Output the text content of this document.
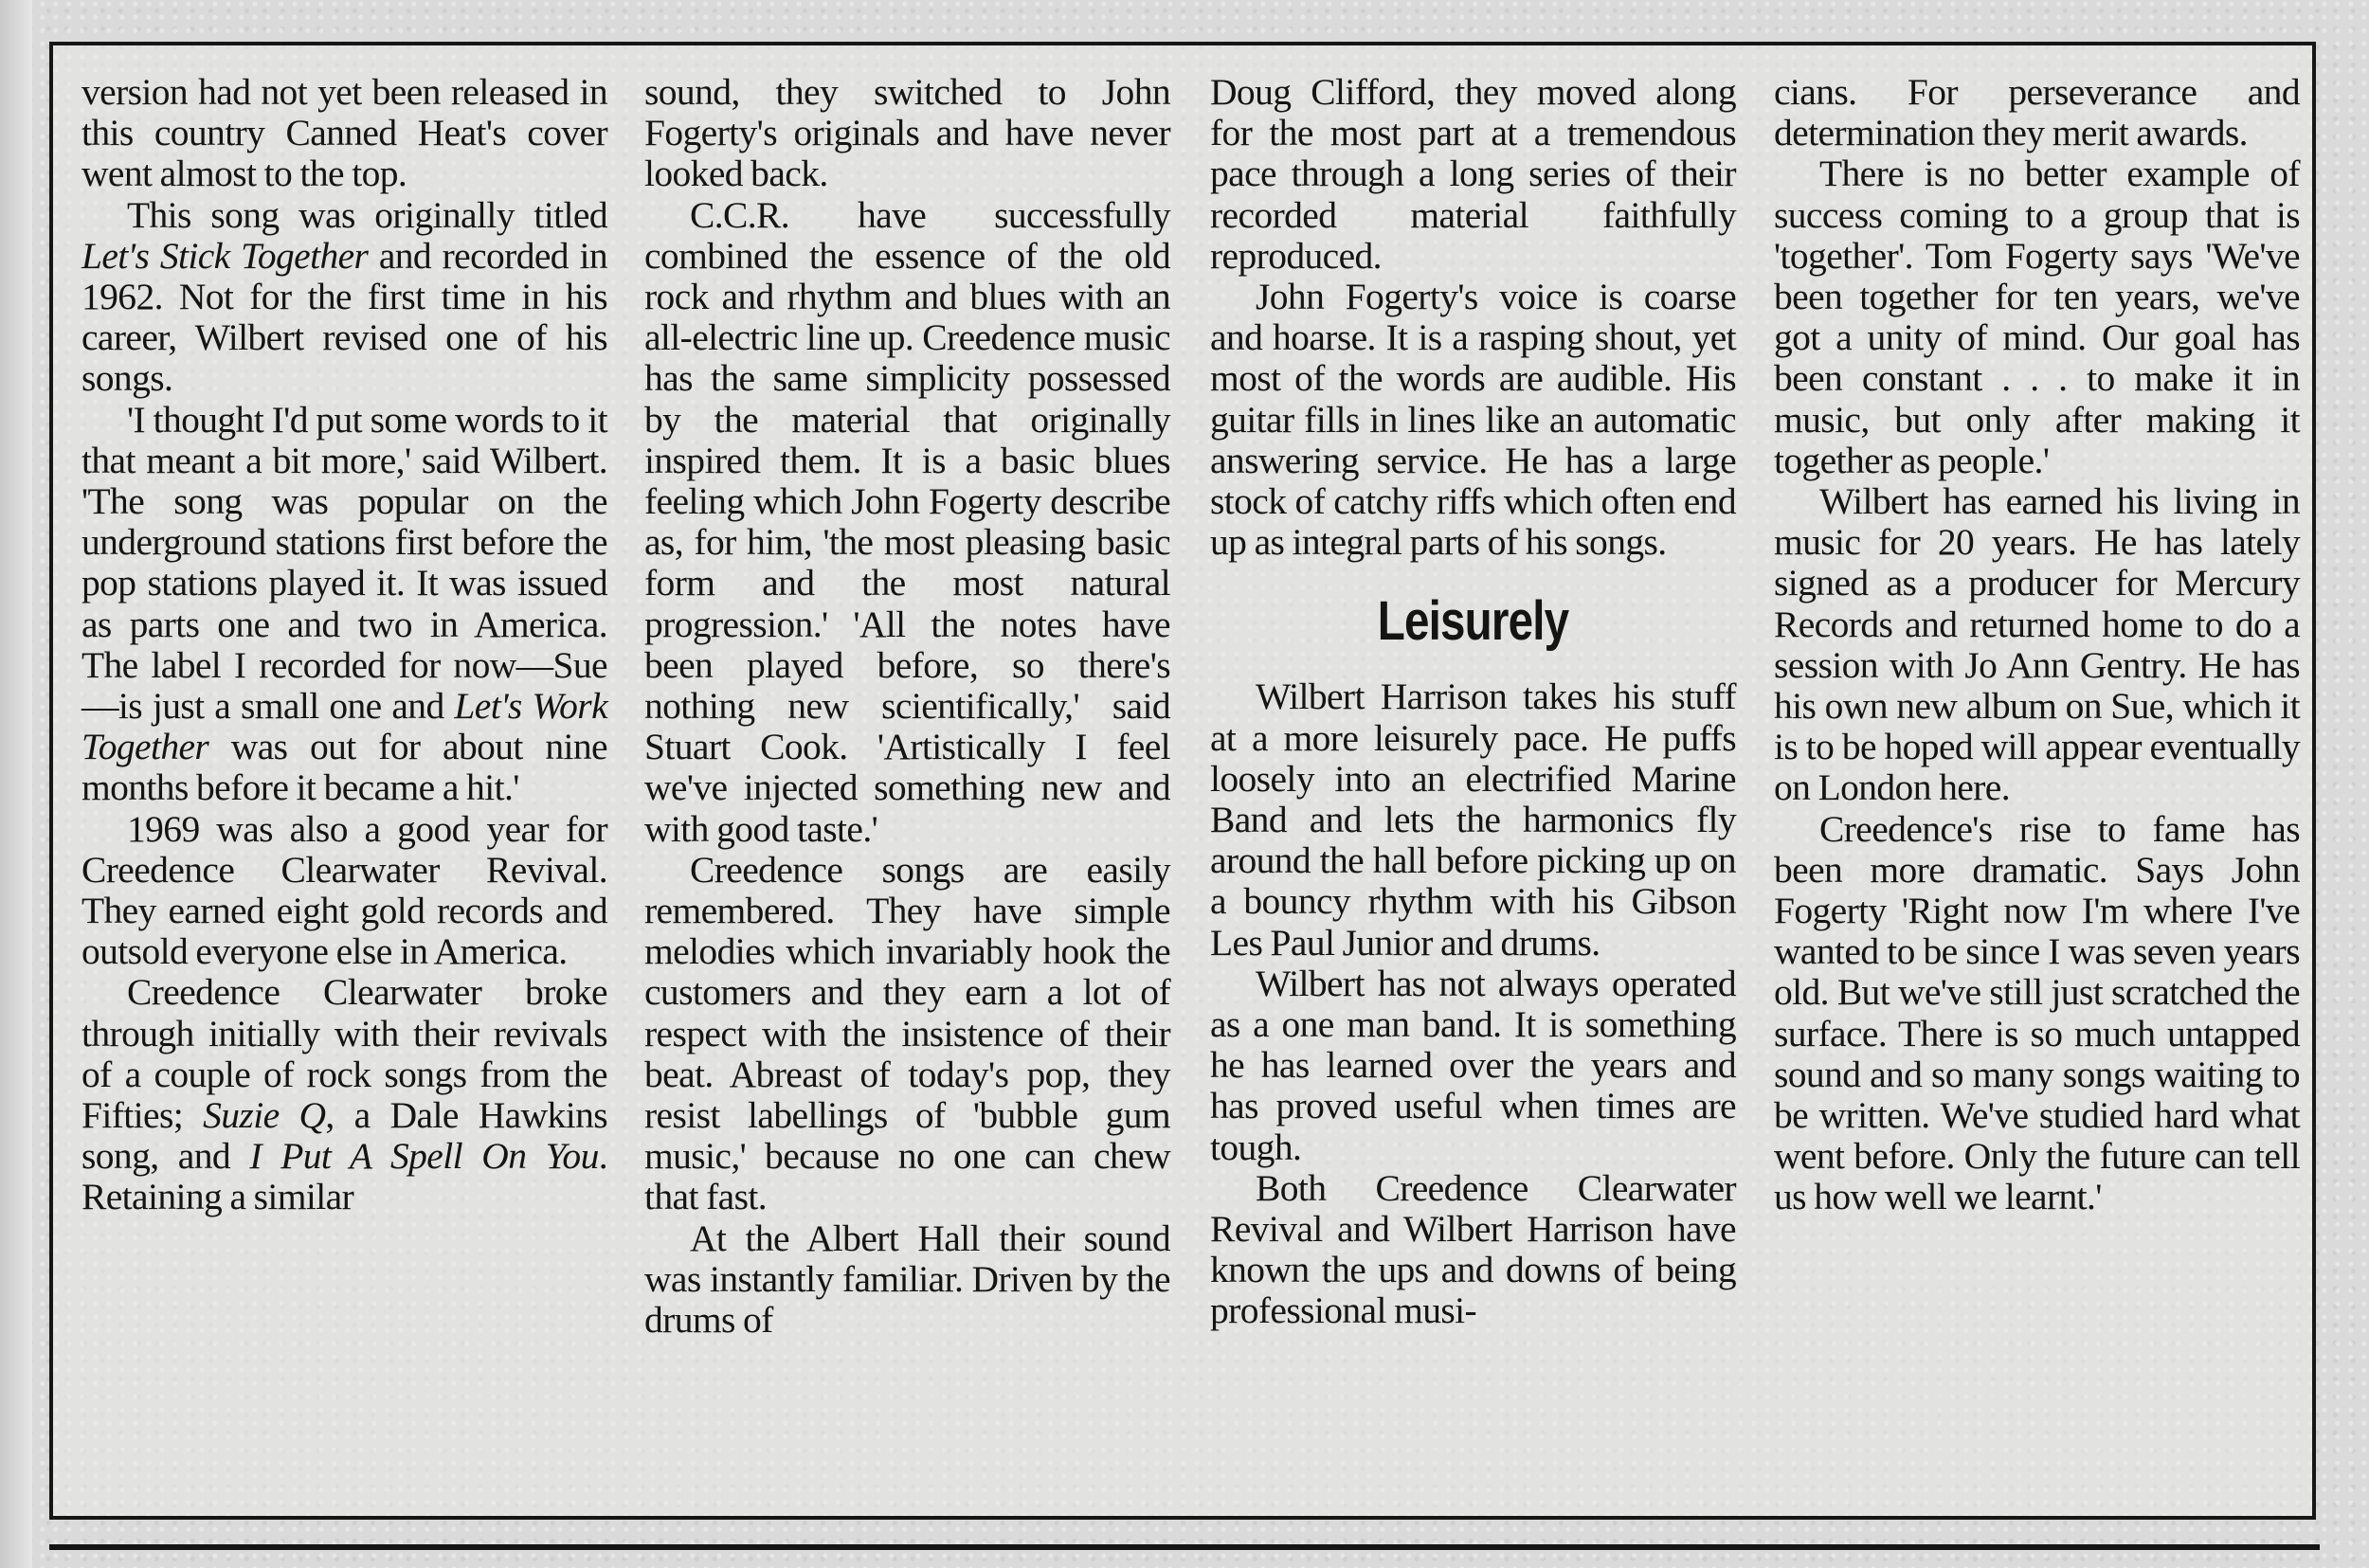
version had not yet been released in this country Canned Heat's cover went almost to the top.

This song was originally titled Let's Stick Together and recorded in 1962. Not for the first time in his career, Wilbert revised one of his songs.

'I thought I'd put some words to it that meant a bit more,' said Wilbert. 'The song was popular on the underground stations first before the pop stations played it. It was issued as parts one and two in America. The label I recorded for now—Sue—is just a small one and Let's Work Together was out for about nine months before it became a hit.'

1969 was also a good year for Creedence Clearwater Revival. They earned eight gold records and outsold everyone else in America.

Creedence Clearwater broke through initially with their revivals of a couple of rock songs from the Fifties; Suzie Q, a Dale Hawkins song, and I Put A Spell On You. Retaining a similar

sound, they switched to John Fogerty's originals and have never looked back.

C.C.R. have successfully combined the essence of the old rock and rhythm and blues with an all-electric line up. Creedence music has the same simplicity possessed by the material that originally inspired them. It is a basic blues feeling which John Fogerty describe as, for him, 'the most pleasing basic form and the most natural progression.' 'All the notes have been played before, so there's nothing new scientifically,' said Stuart Cook. 'Artistically I feel we've injected something new and with good taste.'

Creedence songs are easily remembered. They have simple melodies which invariably hook the customers and they earn a lot of respect with the insistence of their beat. Abreast of today's pop, they resist labellings of 'bubble gum music,' because no one can chew that fast.

At the Albert Hall their sound was instantly familiar. Driven by the drums of

Doug Clifford, they moved along for the most part at a tremendous pace through a long series of their recorded material faithfully reproduced.

John Fogerty's voice is coarse and hoarse. It is a rasping shout, yet most of the words are audible. His guitar fills in lines like an automatic answering service. He has a large stock of catchy riffs which often end up as integral parts of his songs.

Leisurely

Wilbert Harrison takes his stuff at a more leisurely pace. He puffs loosely into an electrified Marine Band and lets the harmonics fly around the hall before picking up on a bouncy rhythm with his Gibson Les Paul Junior and drums.

Wilbert has not always operated as a one man band. It is something he has learned over the years and has proved useful when times are tough.

Both Creedence Clearwater Revival and Wilbert Harrison have known the ups and downs of being professional musi-

cians. For perseverance and determination they merit awards.

There is no better example of success coming to a group that is 'together'. Tom Fogerty says 'We've been together for ten years, we've got a unity of mind. Our goal has been constant . . . to make it in music, but only after making it together as people.'

Wilbert has earned his living in music for 20 years. He has lately signed as a producer for Mercury Records and returned home to do a session with Jo Ann Gentry. He has his own new album on Sue, which it is to be hoped will appear eventually on London here.

Creedence's rise to fame has been more dramatic. Says John Fogerty 'Right now I'm where I've wanted to be since I was seven years old. But we've still just scratched the surface. There is so much untapped sound and so many songs waiting to be written. We've studied hard what went before. Only the future can tell us how well we learnt.'
